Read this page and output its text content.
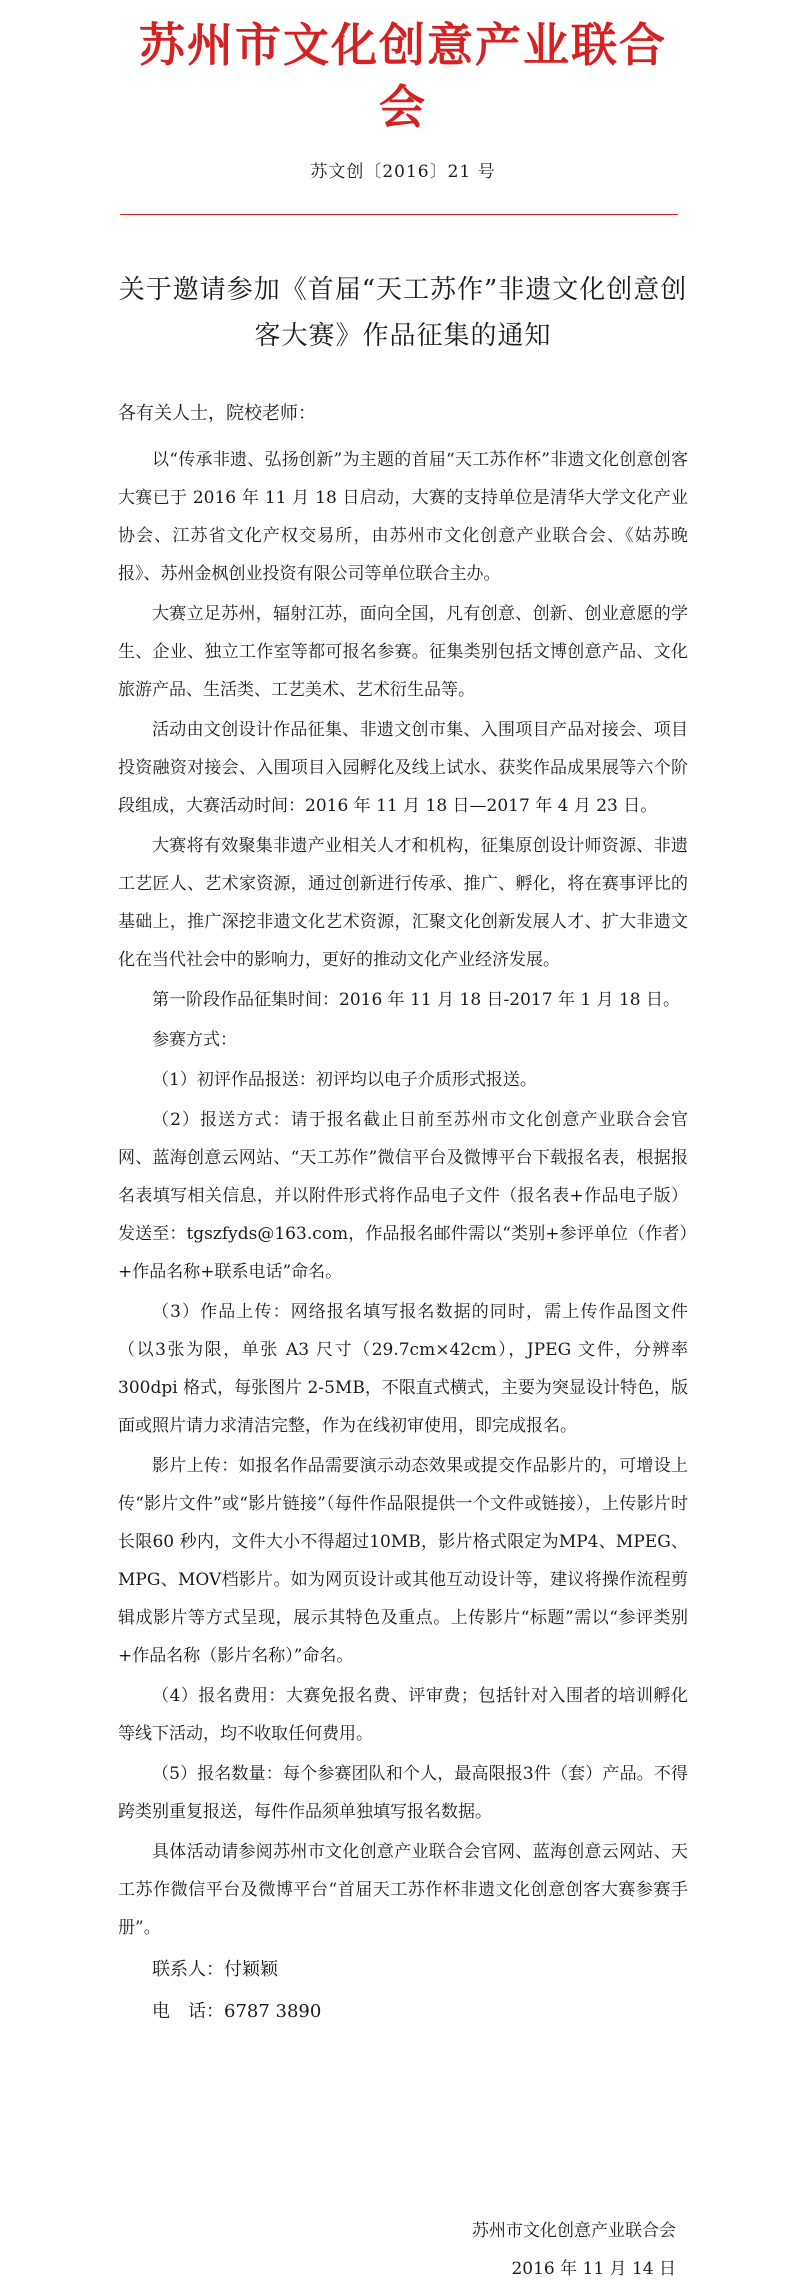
苏州市文化创意产业联合会
苏文创〔2016〕21 号
关于邀请参加《首届“天工苏作”非遗文化创意创客大赛》作品征集的通知
各有关人士，院校老师：

以“传承非遗、弘扬创新”为主题的首届“天工苏作杯”非遗文化创意创客大赛已于 2016 年 11 月 18 日启动，大赛的支持单位是清华大学文化产业协会、江苏省文化产权交易所，由苏州市文化创意产业联合会、《姑苏晚报》、苏州金枫创业投资有限公司等单位联合主办。

大赛立足苏州，辐射江苏，面向全国，凡有创意、创新、创业意愿的学生、企业、独立工作室等都可报名参赛。征集类别包括文博创意产品、文化旅游产品、生活类、工艺美术、艺术衍生品等。

活动由文创设计作品征集、非遗文创市集、入围项目产品对接会、项目投资融资对接会、入围项目入园孵化及线上试水、获奖作品成果展等六个阶段组成，大赛活动时间：2016 年 11 月 18 日—2017 年 4 月 23 日。

大赛将有效聚集非遗产业相关人才和机构，征集原创设计师资源、非遗工艺匠人、艺术家资源，通过创新进行传承、推广、孵化，将在赛事评比的基础上，推广深挖非遗文化艺术资源，汇聚文化创新发展人才、扩大非遗文化在当代社会中的影响力，更好的推动文化产业经济发展。

第一阶段作品征集时间：2016 年 11 月 18 日-2017 年 1 月 18 日。

参赛方式：

（1）初评作品报送：初评均以电子介质形式报送。

（2）报送方式：请于报名截止日前至苏州市文化创意产业联合会官网、蓝海创意云网站、“天工苏作”微信平台及微博平台下载报名表，根据报名表填写相关信息，并以附件形式将作品电子文件（报名表+作品电子版）发送至：tgszfyds@163.com，作品报名邮件需以“类别+参评单位（作者）+作品名称+联系电话”命名。

（3）作品上传：网络报名填写报名数据的同时，需上传作品图文件（以3张为限，单张 A3 尺寸（29.7cm×42cm），JPEG 文件，分辨率 300dpi 格式，每张图片 2-5MB，不限直式横式，主要为突显设计特色，版面或照片请力求清洁完整，作为在线初审使用，即完成报名。

影片上传：如报名作品需要演示动态效果或提交作品影片的，可增设上传“影片文件”或“影片链接”（每件作品限提供一个文件或链接），上传影片时长限60 秒内，文件大小不得超过10MB，影片格式限定为MP4、MPEG、MPG、MOV档影片。如为网页设计或其他互动设计等，建议将操作流程剪辑成影片等方式呈现，展示其特色及重点。上传影片“标题”需以“参评类别+作品名称（影片名称）”命名。

（4）报名费用：大赛免报名费、评审费；包括针对入围者的培训孵化等线下活动，均不收取任何费用。

（5）报名数量：每个参赛团队和个人，最高限报3件（套）产品。不得跨类别重复报送，每件作品须单独填写报名数据。

具体活动请参阅苏州市文化创意产业联合会官网、蓝海创意云网站、天工苏作微信平台及微博平台“首届天工苏作杯非遗文化创意创客大赛参赛手册”。

联系人：付颖颖
电　话：6787 3890
苏州市文化创意产业联合会
2016 年 11 月 14 日
